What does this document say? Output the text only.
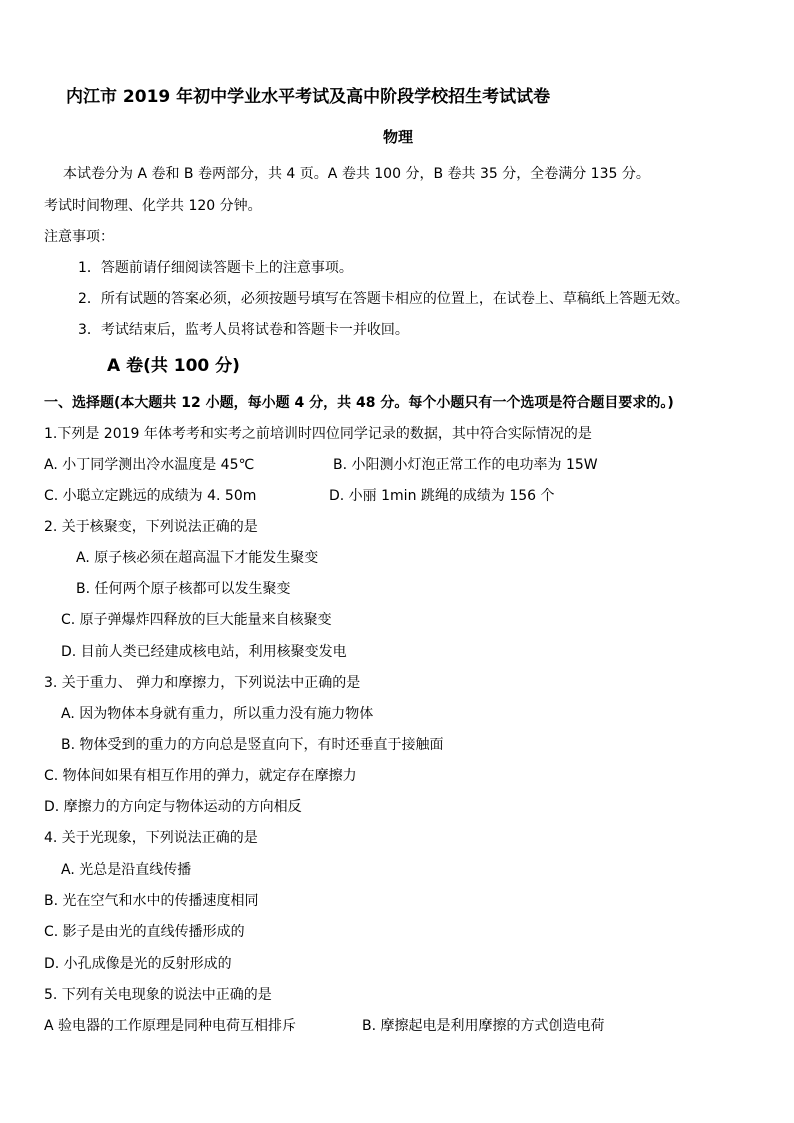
内江市 2019 年初中学业水平考试及高中阶段学校招生考试试卷
物理
本试卷分为 A 卷和 B 卷两部分，共 4 页。A 卷共 100 分，B 卷共 35 分，全卷满分 135 分。
考试时间物理、化学共 120 分钟。
注意事项：
1．答题前请仔细阅读答题卡上的注意事项。
2．所有试题的答案必须，必须按题号填写在答题卡相应的位置上，在试卷上、草稿纸上答题无效。
3．考试结束后，监考人员将试卷和答题卡一并收回。
A 卷(共 100 分)
一、选择题(本大题共 12 小题，每小题 4 分，共 48 分。每个小题只有一个选项是符合题目要求的。)
1.下列是 2019 年体考考和实考之前培训时四位同学记录的数据，其中符合实际情况的是
A. 小丁同学测出冷水温度是 45℃	B. 小阳测小灯泡正常工作的电功率为 15W
C. 小聪立定跳远的成绩为 4. 50m	D. 小丽 1min 跳绳的成绩为 156 个
2. 关于核聚变，下列说法正确的是
A. 原子核必须在超高温下才能发生聚变
B. 任何两个原子核都可以发生聚变
C. 原子弹爆炸四释放的巨大能量来自核聚变
D. 目前人类已经建成核电站，利用核聚变发电
3. 关于重力、 弹力和摩擦力，下列说法中正确的是
A. 因为物体本身就有重力，所以重力没有施力物体
B. 物体受到的重力的方向总是竖直向下，有时还垂直于接触面
C. 物体间如果有相互作用的弹力，就定存在摩擦力
D. 摩擦力的方向定与物体运动的方向相反
4. 关于光现象，下列说法正确的是
A. 光总是沿直线传播
B. 光在空气和水中的传播速度相同
C. 影子是由光的直线传播形成的
D. 小孔成像是光的反射形成的
5. 下列有关电现象的说法中正确的是
A 验电器的工作原理是同种电荷互相排斥	B. 摩擦起电是利用摩擦的方式创造电荷
